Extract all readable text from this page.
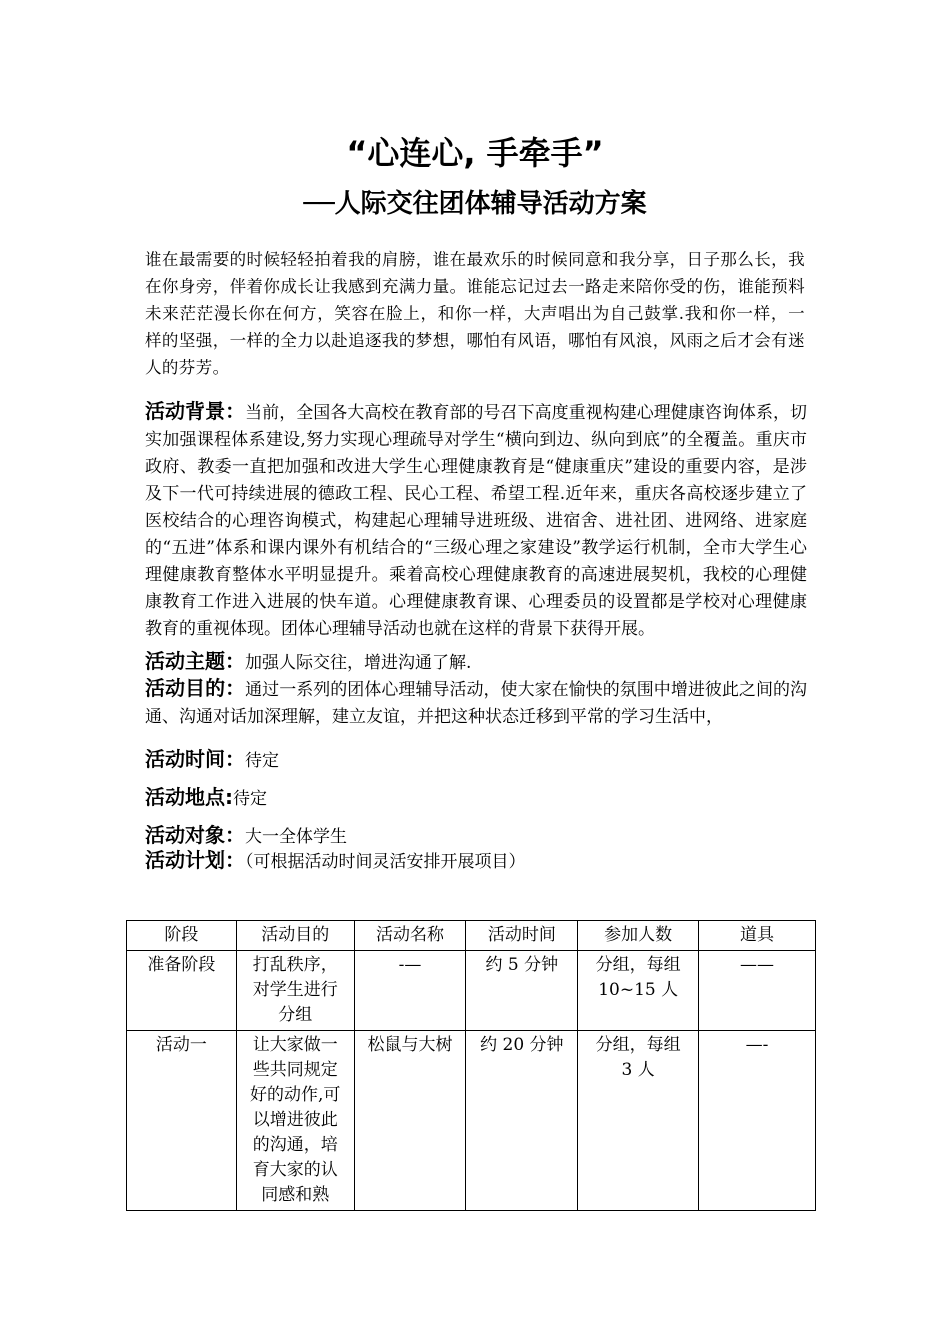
“心连心, 手牵手”
──人际交往团体辅导活动方案
谁在最需要的时候轻轻拍着我的肩膀，谁在最欢乐的时候同意和我分享，日子那么长，我在你身旁，伴着你成长让我感到充满力量。谁能忘记过去一路走来陪你受的伤，谁能预料未来茫茫漫长你在何方，笑容在脸上，和你一样，大声唱出为自己鼓掌.我和你一样，一样的坚强，一样的全力以赴追逐我的梦想，哪怕有风语，哪怕有风浪，风雨之后才会有迷人的芬芳。
活动背景：当前，全国各大高校在教育部的号召下高度重视构建心理健康咨询体系，切实加强课程体系建设,努力实现心理疏导对学生“横向到边、纵向到底”的全覆盖。重庆市政府、教委一直把加强和改进大学生心理健康教育是“健康重庆”建设的重要内容，是涉及下一代可持续进展的德政工程、民心工程、希望工程.近年来，重庆各高校逐步建立了医校结合的心理咨询模式，构建起心理辅导进班级、进宿舍、进社团、进网络、进家庭的“五进”体系和课内课外有机结合的“三级心理之家建设”教学运行机制，全市大学生心理健康教育整体水平明显提升。乘着高校心理健康教育的高速进展契机，我校的心理健康教育工作进入进展的快车道。心理健康教育课、心理委员的设置都是学校对心理健康教育的重视体现。团体心理辅导活动也就在这样的背景下获得开展。
活动主题：加强人际交往，增进沟通了解.
活动目的：通过一系列的团体心理辅导活动，使大家在愉快的氛围中增进彼此之间的沟通、沟通对话加深理解，建立友谊，并把这种状态迁移到平常的学习生活中，
活动时间：待定
活动地点:待定
活动对象：大一全体学生
活动计划：（可根据活动时间灵活安排开展项目）
阶段	活动目的	活动名称	活动时间	参加人数	道具
准备阶段	打乱秩序，对学生进行分组	-—	约 5 分钟	分组，每组 10~15 人	——
活动一	让大家做一些共同规定好的动作,可以增进彼此的沟通，培育大家的认同感和熟	松鼠与大树	约 20 分钟	分组，每组 3 人	—-
